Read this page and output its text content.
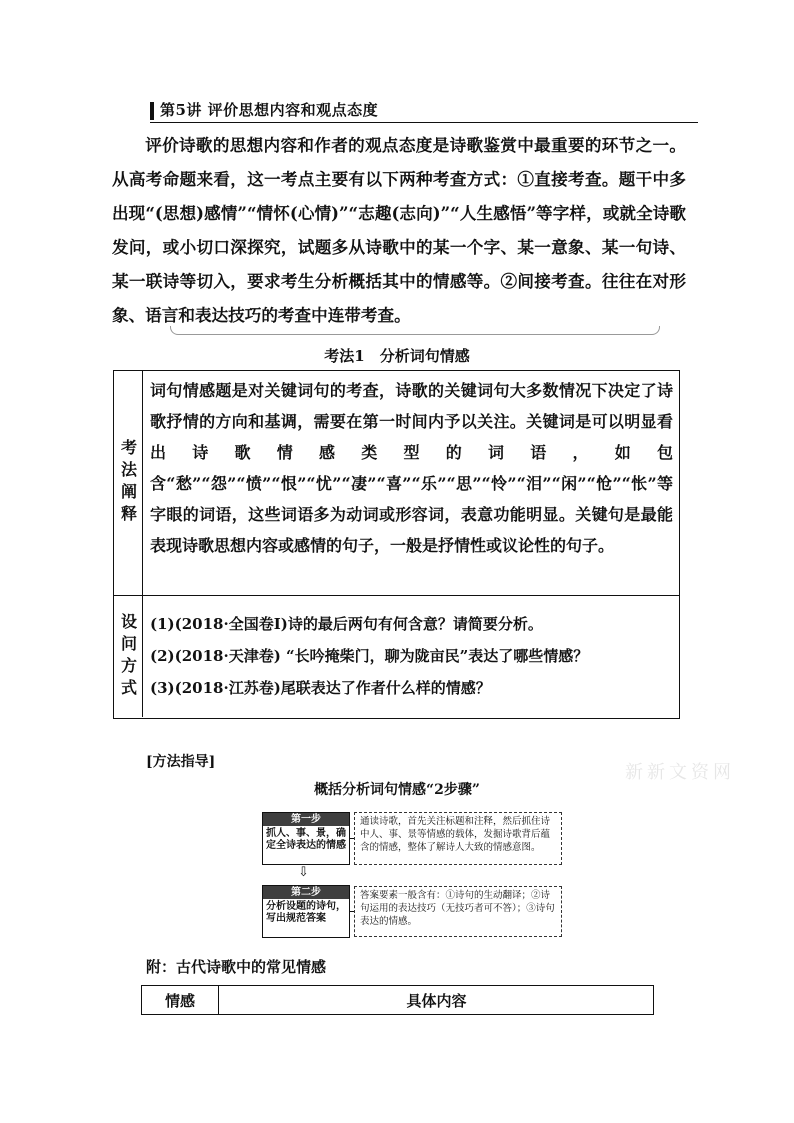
第5讲 评价思想内容和观点态度

评价诗歌的思想内容和作者的观点态度是诗歌鉴赏中最重要的环节之一。从高考命题来看，这一考点主要有以下两种考查方式：①直接考查。题干中多出现“(思想)感情”“情怀(心情)”“志趣(志向)”“人生感悟”等字样，或就全诗歌发问，或小切口深探究，试题多从诗歌中的某一个字、某一意象、某一句诗、某一联诗等切入，要求考生分析概括其中的情感等。②间接考查。往往在对形象、语言和表达技巧的考查中连带考查。

考法1　分析词句情感
考法阐释
词句情感题是对关键词句的考查，诗歌的关键词句大多数情况下决定了诗歌抒情的方向和基调，需要在第一时间内予以关注。关键词是可以明显看出诗歌情感类型的词语，如包含“愁”“怨”“愤”“恨”“忧”“凄”“喜”“乐”“思”“怜”“泪”“闲”“怆”“怅”等字眼的词语，这些词语多为动词或形容词，表意功能明显。关键句是最能表现诗歌思想内容或感情的句子，一般是抒情性或议论性的句子。
设问方式 (1)(2018·全国卷Ⅰ)诗的最后两句有何含意？请简要分析。
(2)(2018·天津卷) “长吟掩柴门，聊为陇亩民”表达了哪些情感？
(3)(2018·江苏卷)尾联表达了作者什么样的情感？
[方法指导]	新新文资网
概括分析词句情感“2步骤”
第一步
抓人、事、景，确定全诗表达的情感
通读诗歌，首先关注标题和注释，然后抓住诗中人、事、景等情感的载体，发掘诗歌背后蕴含的情感，整体了解诗人大致的情感意图。
⇩
第二步
分析设题的诗句，写出规范答案
答案要素一般含有：①诗句的生动翻译；②诗句运用的表达技巧（无技巧者可不答）；③诗句表达的情感。
附：古代诗歌中的常见情感
情感	具体内容
